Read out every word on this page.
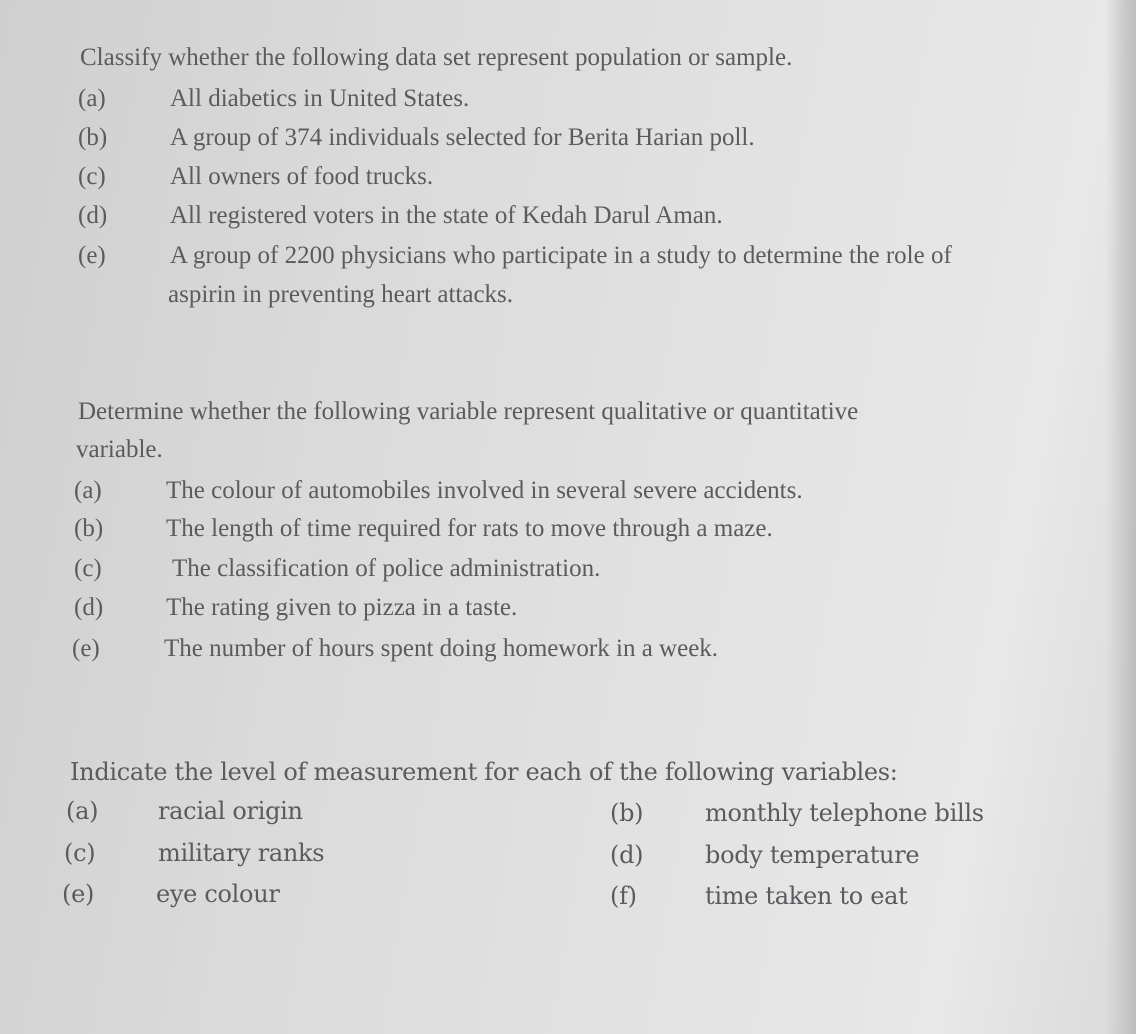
Classify whether the following data set represent population or sample.
(a)	All diabetics in United States.
(b)	A group of 374 individuals selected for Berita Harian poll.
(c)	All owners of food trucks.
(d)	All registered voters in the state of Kedah Darul Aman.
(e)	A group of 2200 physicians who participate in a study to determine the role of
aspirin in preventing heart attacks.
Determine whether the following variable represent qualitative or quantitative
variable.
(a)	The colour of automobiles involved in several severe accidents.
(b)	The length of time required for rats to move through a maze.
(c)	The classification of police administration.
(d)	The rating given to pizza in a taste.
(e)	The number of hours spent doing homework in a week.
Indicate the level of measurement for each of the following variables:
(a) racial origin	(b)	monthly telephone bills
(c)	military ranks	(d)	body temperature
(e)	eye colour	(f)	time taken to eat
